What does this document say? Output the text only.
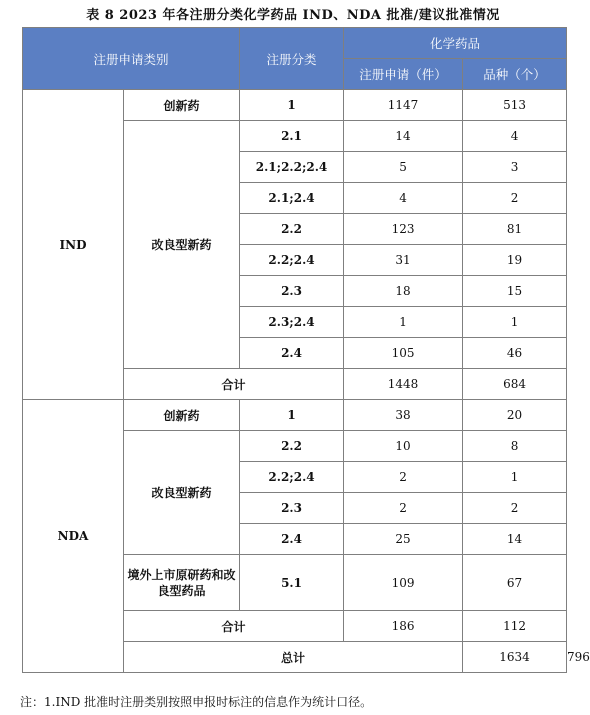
表 8 2023 年各注册分类化学药品 IND、NDA 批准/建议批准情况
注册申请类别		注册分类	化学药品		
			注册申请（件）	品种（个）	
IND	创新药	1	1147	513	
	改良型新药	2.1	14	4	
		2.1;2.2;2.4	5	3	
		2.1;2.4	4	2	
		2.2	123	81	
		2.2;2.4	31	19	
		2.3	18	15	
		2.3;2.4	1	1	
		2.4	105	46	
	合计		1448	684	
NDA	创新药	1	38	20	
	改良型新药	2.2	10	8	
		2.2;2.4	2	1	
		2.3	2	2	
		2.4	25	14	
	境外上市原研药和改良型药品	5.1	109	67	
	合计		186	112	
	总计			1634	796
注：1.IND 批准时注册类别按照申报时标注的信息作为统计口径。
